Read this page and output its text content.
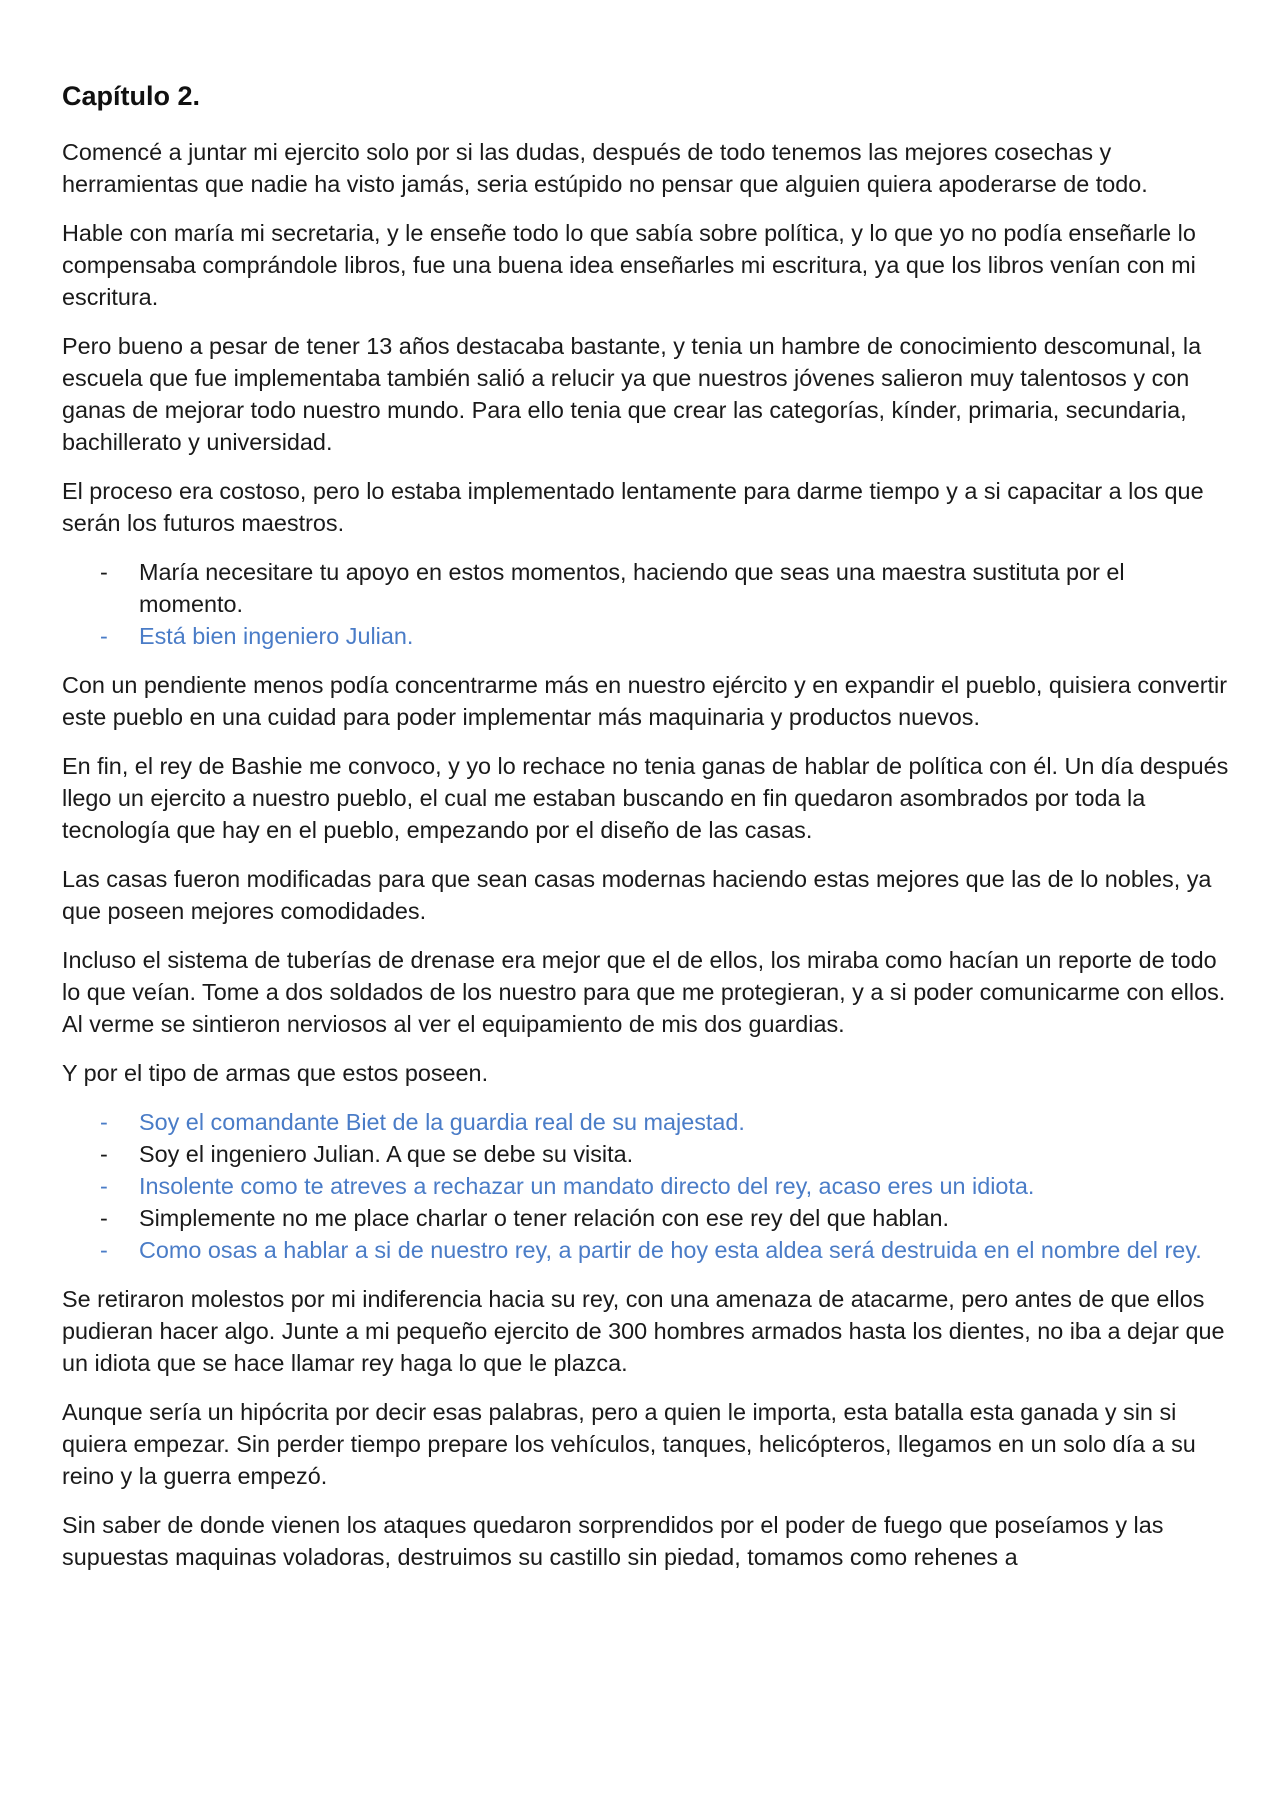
Capítulo 2.

Comencé a juntar mi ejercito solo por si las dudas, después de todo tenemos las mejores cosechas y herramientas que nadie ha visto jamás, seria estúpido no pensar que alguien quiera apoderarse de todo.

Hable con maría mi secretaria, y le enseñe todo lo que sabía sobre política, y lo que yo no podía enseñarle lo compensaba comprándole libros, fue una buena idea enseñarles mi escritura, ya que los libros venían con mi escritura.

Pero bueno a pesar de tener 13 años destacaba bastante, y tenia un hambre de conocimiento descomunal, la escuela que fue implementaba también salió a relucir ya que nuestros jóvenes salieron muy talentosos y con ganas de mejorar todo nuestro mundo. Para ello tenia que crear las categorías, kínder, primaria, secundaria, bachillerato y universidad.

El proceso era costoso, pero lo estaba implementado lentamente para darme tiempo y a si capacitar a los que serán los futuros maestros.

- María necesitare tu apoyo en estos momentos, haciendo que seas una maestra sustituta por el momento.
- Está bien ingeniero Julian.

Con un pendiente menos podía concentrarme más en nuestro ejército y en expandir el pueblo, quisiera convertir este pueblo en una cuidad para poder implementar más maquinaria y productos nuevos.

En fin, el rey de Bashie me convoco, y yo lo rechace no tenia ganas de hablar de política con él. Un día después llego un ejercito a nuestro pueblo, el cual me estaban buscando en fin quedaron asombrados por toda la tecnología que hay en el pueblo, empezando por el diseño de las casas.

Las casas fueron modificadas para que sean casas modernas haciendo estas mejores que las de lo nobles, ya que poseen mejores comodidades.

Incluso el sistema de tuberías de drenase era mejor que el de ellos, los miraba como hacían un reporte de todo lo que veían. Tome a dos soldados de los nuestro para que me protegieran, y a si poder comunicarme con ellos. Al verme se sintieron nerviosos al ver el equipamiento de mis dos guardias.

Y por el tipo de armas que estos poseen.

- Soy el comandante Biet de la guardia real de su majestad.
- Soy el ingeniero Julian. A que se debe su visita.
- Insolente como te atreves a rechazar un mandato directo del rey, acaso eres un idiota.
- Simplemente no me place charlar o tener relación con ese rey del que hablan.
- Como osas a hablar a si de nuestro rey, a partir de hoy esta aldea será destruida en el nombre del rey.

Se retiraron molestos por mi indiferencia hacia su rey, con una amenaza de atacarme, pero antes de que ellos pudieran hacer algo. Junte a mi pequeño ejercito de 300 hombres armados hasta los dientes, no iba a dejar que un idiota que se hace llamar rey haga lo que le plazca.

Aunque sería un hipócrita por decir esas palabras, pero a quien le importa, esta batalla esta ganada y sin si quiera empezar. Sin perder tiempo prepare los vehículos, tanques, helicópteros, llegamos en un solo día a su reino y la guerra empezó.

Sin saber de donde vienen los ataques quedaron sorprendidos por el poder de fuego que poseíamos y las supuestas maquinas voladoras, destruimos su castillo sin piedad, tomamos como rehenes a
